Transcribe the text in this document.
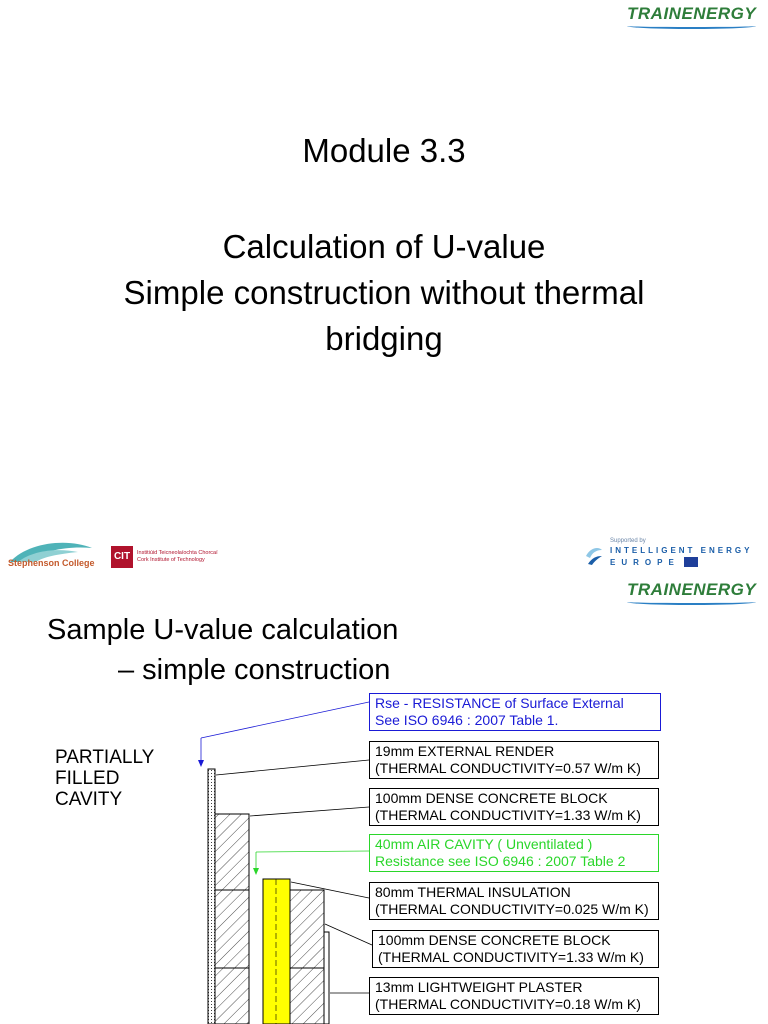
TRAINENERGY
Module 3.3
Calculation of U-value
Simple construction without thermal
bridging
Stephenson College
CIT	Institiúid Teicneolaíochta Chorcaí
Cork Institute of Technology
Supported by
INTELLIGENT ENERGY
EUROPE
TRAINENERGY
Sample U-value calculation
– simple construction
PARTIALLY
FILLED
CAVITY
Rse - RESISTANCE of Surface External
See ISO 6946 : 2007 Table 1.
19mm EXTERNAL RENDER
(THERMAL CONDUCTIVITY=0.57 W/m K)
100mm DENSE CONCRETE BLOCK
(THERMAL CONDUCTIVITY=1.33 W/m K)
40mm AIR CAVITY ( Unventilated )
Resistance see ISO 6946 : 2007 Table 2
80mm THERMAL INSULATION
(THERMAL CONDUCTIVITY=0.025 W/m K)
100mm DENSE CONCRETE BLOCK
(THERMAL CONDUCTIVITY=1.33 W/m K)
13mm LIGHTWEIGHT PLASTER
(THERMAL CONDUCTIVITY=0.18 W/m K)
